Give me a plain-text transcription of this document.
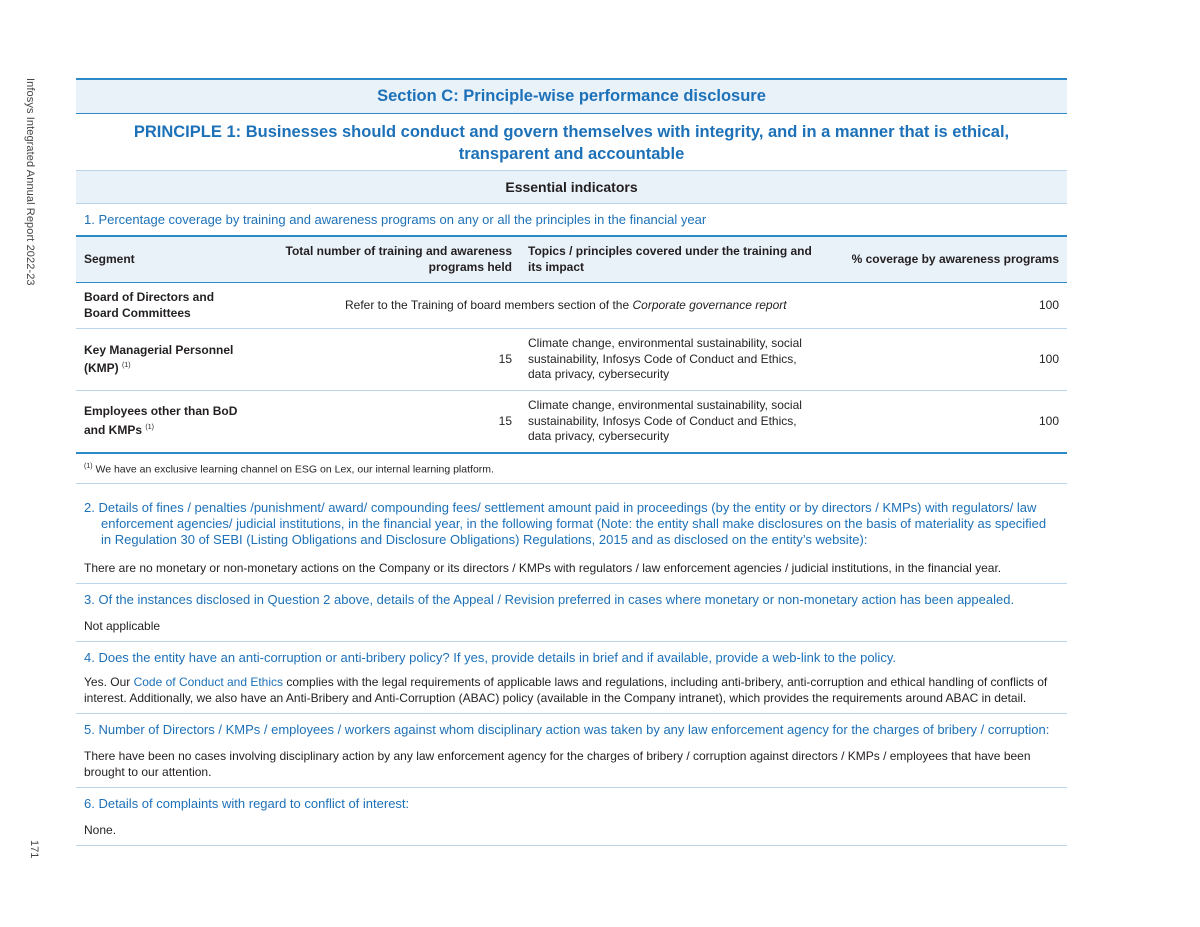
Infosys Integrated Annual Report 2022-23
171
Section C: Principle-wise performance disclosure
PRINCIPLE 1: Businesses should conduct and govern themselves with integrity, and in a manner that is ethical, transparent and accountable
Essential indicators
1. Percentage coverage by training and awareness programs on any or all the principles in the financial year
Segment	Total number of training and awareness programs held	Topics / principles covered under the training and its impact	% coverage by awareness programs
Board of Directors and Board Committees	Refer to the Training of board members section of the Corporate governance report		100
Key Managerial Personnel (KMP) $^{(1)}$	15	Climate change, environmental sustainability, social sustainability, Infosys Code of Conduct and Ethics, data privacy, cybersecurity	100
Employees other than BoD and KMPs $^{(1)}$	15	Climate change, environmental sustainability, social sustainability, Infosys Code of Conduct and Ethics, data privacy, cybersecurity	100
$^{(1)}$ We have an exclusive learning channel on ESG on Lex, our internal learning platform.
2. Details of fines / penalties /punishment/ award/ compounding fees/ settlement amount paid in proceedings (by the entity or by directors / KMPs) with regulators/ law enforcement agencies/ judicial institutions, in the financial year, in the following format (Note: the entity shall make disclosures on the basis of materiality as specified in Regulation 30 of SEBI (Listing Obligations and Disclosure Obligations) Regulations, 2015 and as disclosed on the entity’s website):
There are no monetary or non-monetary actions on the Company or its directors / KMPs with regulators / law enforcement agencies / judicial institutions, in the financial year.
3. Of the instances disclosed in Question 2 above, details of the Appeal / Revision preferred in cases where monetary or non-monetary action has been appealed.
Not applicable
4. Does the entity have an anti-corruption or anti-bribery policy? If yes, provide details in brief and if available, provide a web-link to the policy.
Yes. Our Code of Conduct and Ethics complies with the legal requirements of applicable laws and regulations, including anti-bribery, anti-corruption and ethical handling of conflicts of interest. Additionally, we also have an Anti-Bribery and Anti-Corruption (ABAC) policy (available in the Company intranet), which provides the requirements around ABAC in detail.
5. Number of Directors / KMPs / employees / workers against whom disciplinary action was taken by any law enforcement agency for the charges of bribery / corruption:
There have been no cases involving disciplinary action by any law enforcement agency for the charges of bribery / corruption against directors / KMPs / employees that have been brought to our attention.
6. Details of complaints with regard to conflict of interest:
None.
